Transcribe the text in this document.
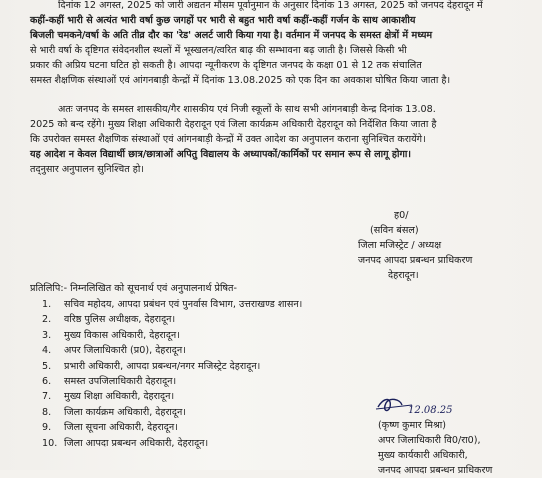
दिनांक 12 अगस्त, 2025 को जारी अद्यतन मौसम पूर्वानुमान के अनुसार दिनांक 13 अगस्त, 2025 को जनपद देहरादून में
कहीं-कहीं भारी से अत्यंत भारी वर्षा कुछ जगहों पर भारी से बहुत भारी वर्षा कहीं-कहीं गर्जन के साथ आकाशीय
बिजली चमकने/वर्षा के अति तीव्र दौर का 'रेड' अलर्ट जारी किया गया है। वर्तमान में जनपद के समस्त क्षेत्रों में मध्यम
से भारी वर्षा के दृष्टिगत संवेदनशील स्थलों में भूस्खलन/त्वरित बाढ़ की सम्भावना बढ़ जाती है। जिससे किसी भी
प्रकार की अप्रिय घटना घटित हो सकती है। आपदा न्यूनीकरण के दृष्टिगत जनपद के कक्षा 01 से 12 तक संचालित
समस्त शैक्षणिक संस्थाओं एवं आंगनबाड़ी केन्द्रों में दिनांक 13.08.2025 को एक दिन का अवकाश घोषित किया जाता है।
अतः जनपद के समस्त शासकीय/गैर शासकीय एवं निजी स्कूलों के साथ सभी आंगनबाड़ी केन्द्र दिनांक 13.08.
2025 को बन्द रहेंगे। मुख्य शिक्षा अधिकारी देहरादून एवं जिला कार्यक्रम अधिकारी देहरादून को निर्देशित किया जाता है
कि उपरोक्त समस्त शैक्षणिक संस्थाओं एवं आंगनबाड़ी केन्द्रों में उक्त आदेश का अनुपालन कराना सुनिश्चित करायेंगे।
यह आदेश न केवल विद्यार्थी छात्र/छात्राओं अपितु विद्यालय के अध्यापकों/कार्मिकों पर समान रूप से लागू होगा।
तद्नुसार अनुपालन सुनिश्चित हो।
ह0/
(सविन बंसल)
जिला मजिस्ट्रेट / अध्यक्ष
जनपद आपदा प्रबन्धन प्राधिकरण
देहरादून।
प्रतिलिपि:- निम्नलिखित को सूचनार्थ एवं अनुपालनार्थ प्रेषित-
1. सचिव महोदय, आपदा प्रबंधन एवं पुनर्वास विभाग, उत्तराखण्ड शासन।
2. वरिष्ठ पुलिस अधीक्षक, देहरादून।
3. मुख्य विकास अधिकारी, देहरादून।
4. अपर जिलाधिकारी (प्र0), देहरादून।
5. प्रभारी अधिकारी, आपदा प्रबन्धन/नगर मजिस्ट्रेट देहरादून।
6. समस्त उपजिलाधिकारी देहरादून।
7. मुख्य शिक्षा अधिकारी, देहरादून।
8. जिला कार्यक्रम अधिकारी, देहरादून।
9. जिला सूचना अधिकारी, देहरादून।
10. जिला आपदा प्रबन्धन अधिकारी, देहरादून।
12.08.25
(कृष्ण कुमार मिश्रा)
अपर जिलाधिकारी वि0/रा0),
मुख्य कार्यकारी अधिकारी,
जनपद आपदा प्रबन्धन प्राधिकरण
